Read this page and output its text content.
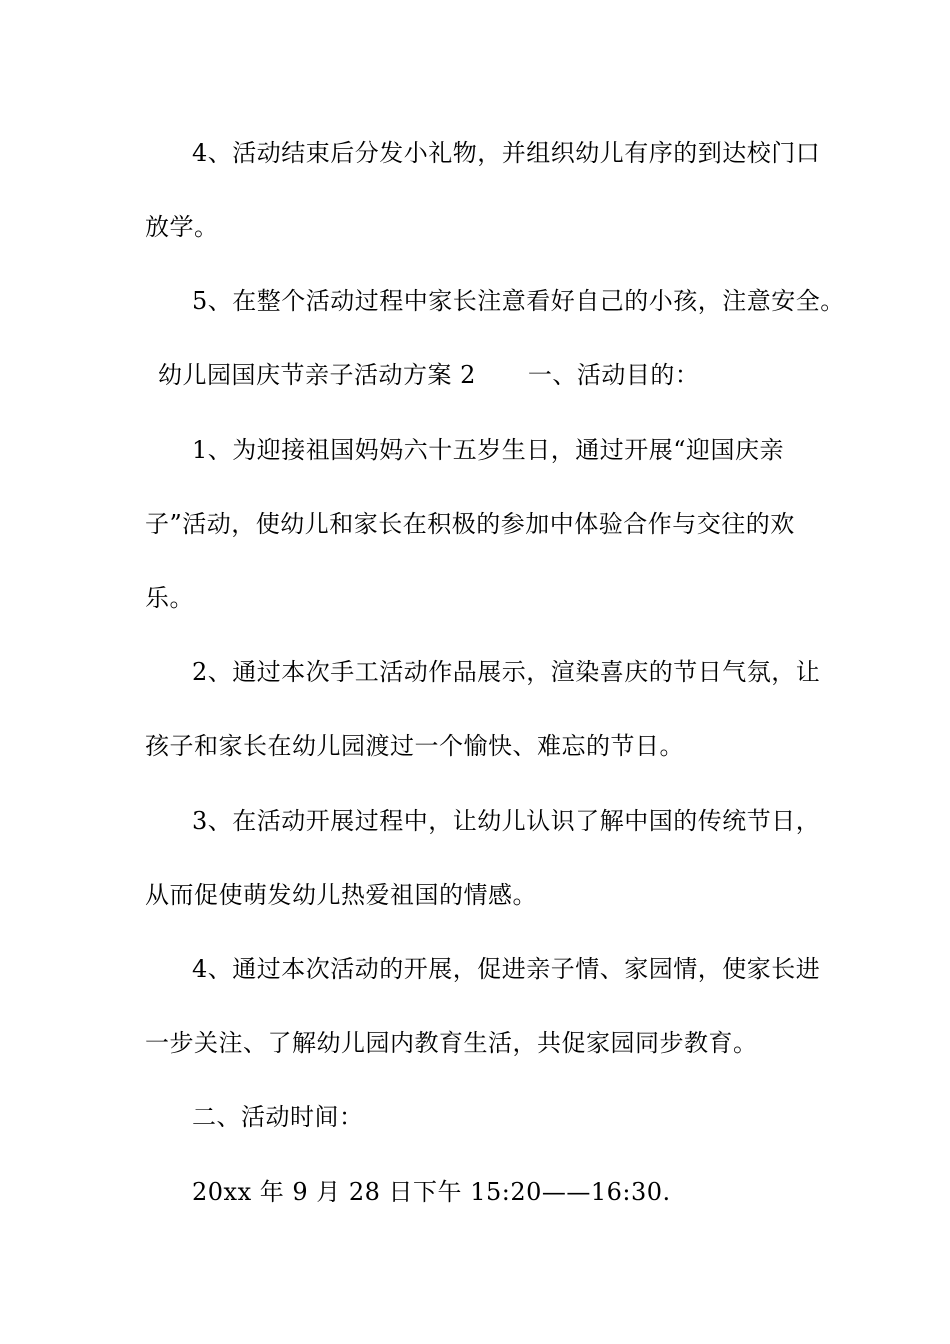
4、活动结束后分发小礼物，并组织幼儿有序的到达校门口
放学。
5、在整个活动过程中家长注意看好自己的小孩，注意安全。
幼儿园国庆节亲子活动方案 2 一、活动目的：
1、为迎接祖国妈妈六十五岁生日，通过开展“迎国庆亲
子”活动，使幼儿和家长在积极的参加中体验合作与交往的欢
乐。
2、通过本次手工活动作品展示，渲染喜庆的节日气氛，让
孩子和家长在幼儿园渡过一个愉快、难忘的节日。
3、在活动开展过程中，让幼儿认识了解中国的传统节日，
从而促使萌发幼儿热爱祖国的情感。
4、通过本次活动的开展，促进亲子情、家园情，使家长进
一步关注、了解幼儿园内教育生活，共促家园同步教育。
二、活动时间：
20xx 年 9 月 28 日下午 15:20——16:30.
